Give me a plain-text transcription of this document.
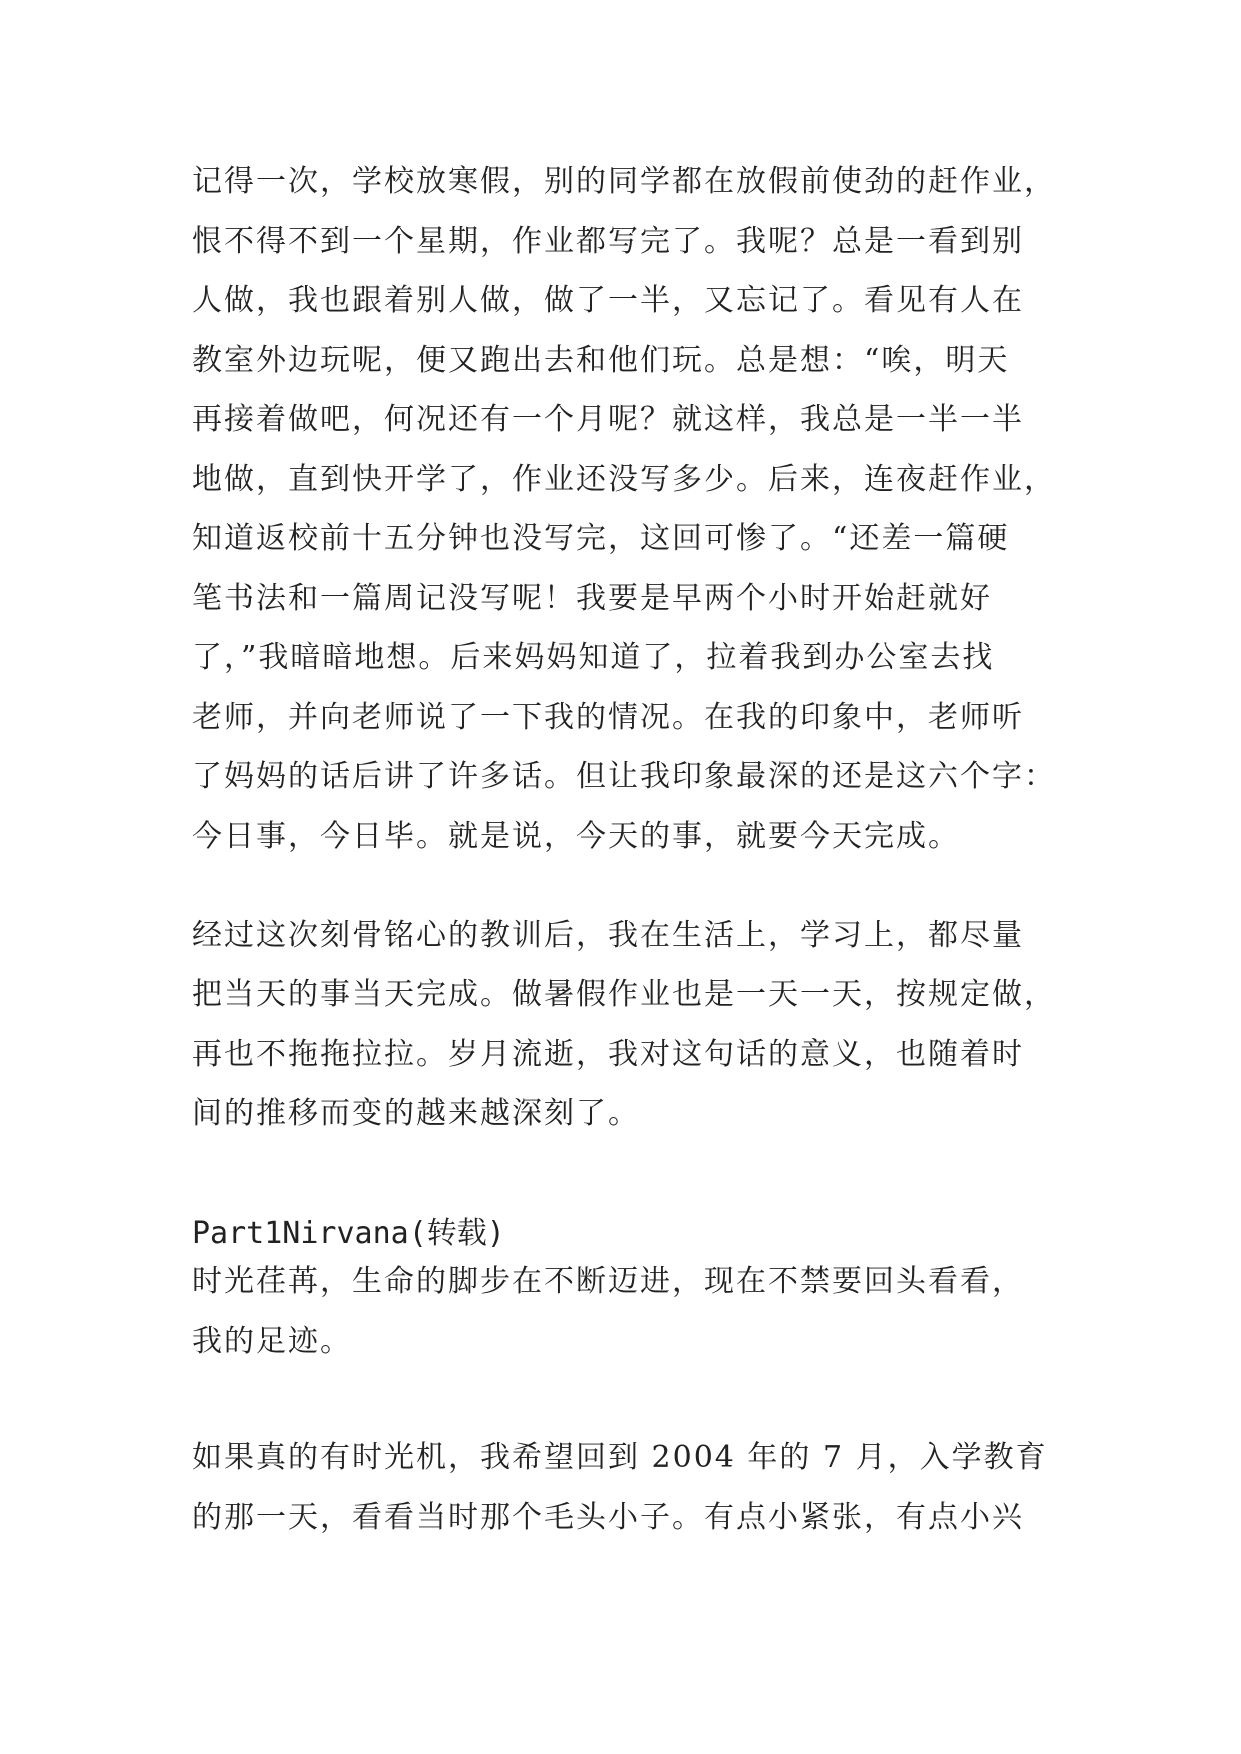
记得一次，学校放寒假，别的同学都在放假前使劲的赶作业，
恨不得不到一个星期，作业都写完了。我呢？总是一看到别
人做，我也跟着别人做，做了一半，又忘记了。看见有人在
教室外边玩呢，便又跑出去和他们玩。总是想：“唉，明天
再接着做吧，何况还有一个月呢？就这样，我总是一半一半
地做，直到快开学了，作业还没写多少。后来，连夜赶作业，
知道返校前十五分钟也没写完，这回可惨了。“还差一篇硬
笔书法和一篇周记没写呢！我要是早两个小时开始赶就好
了，”我暗暗地想。后来妈妈知道了，拉着我到办公室去找
老师，并向老师说了一下我的情况。在我的印象中，老师听
了妈妈的话后讲了许多话。但让我印象最深的还是这六个字：
今日事，今日毕。就是说，今天的事，就要今天完成。
经过这次刻骨铭心的教训后，我在生活上，学习上，都尽量
把当天的事当天完成。做暑假作业也是一天一天，按规定做，
再也不拖拖拉拉。岁月流逝，我对这句话的意义，也随着时
间的推移而变的越来越深刻了。
Part1Nirvana(转载)
时光荏苒，生命的脚步在不断迈进，现在不禁要回头看看，
我的足迹。
如果真的有时光机，我希望回到 2004 年的 7 月，入学教育
的那一天，看看当时那个毛头小子。有点小紧张，有点小兴
